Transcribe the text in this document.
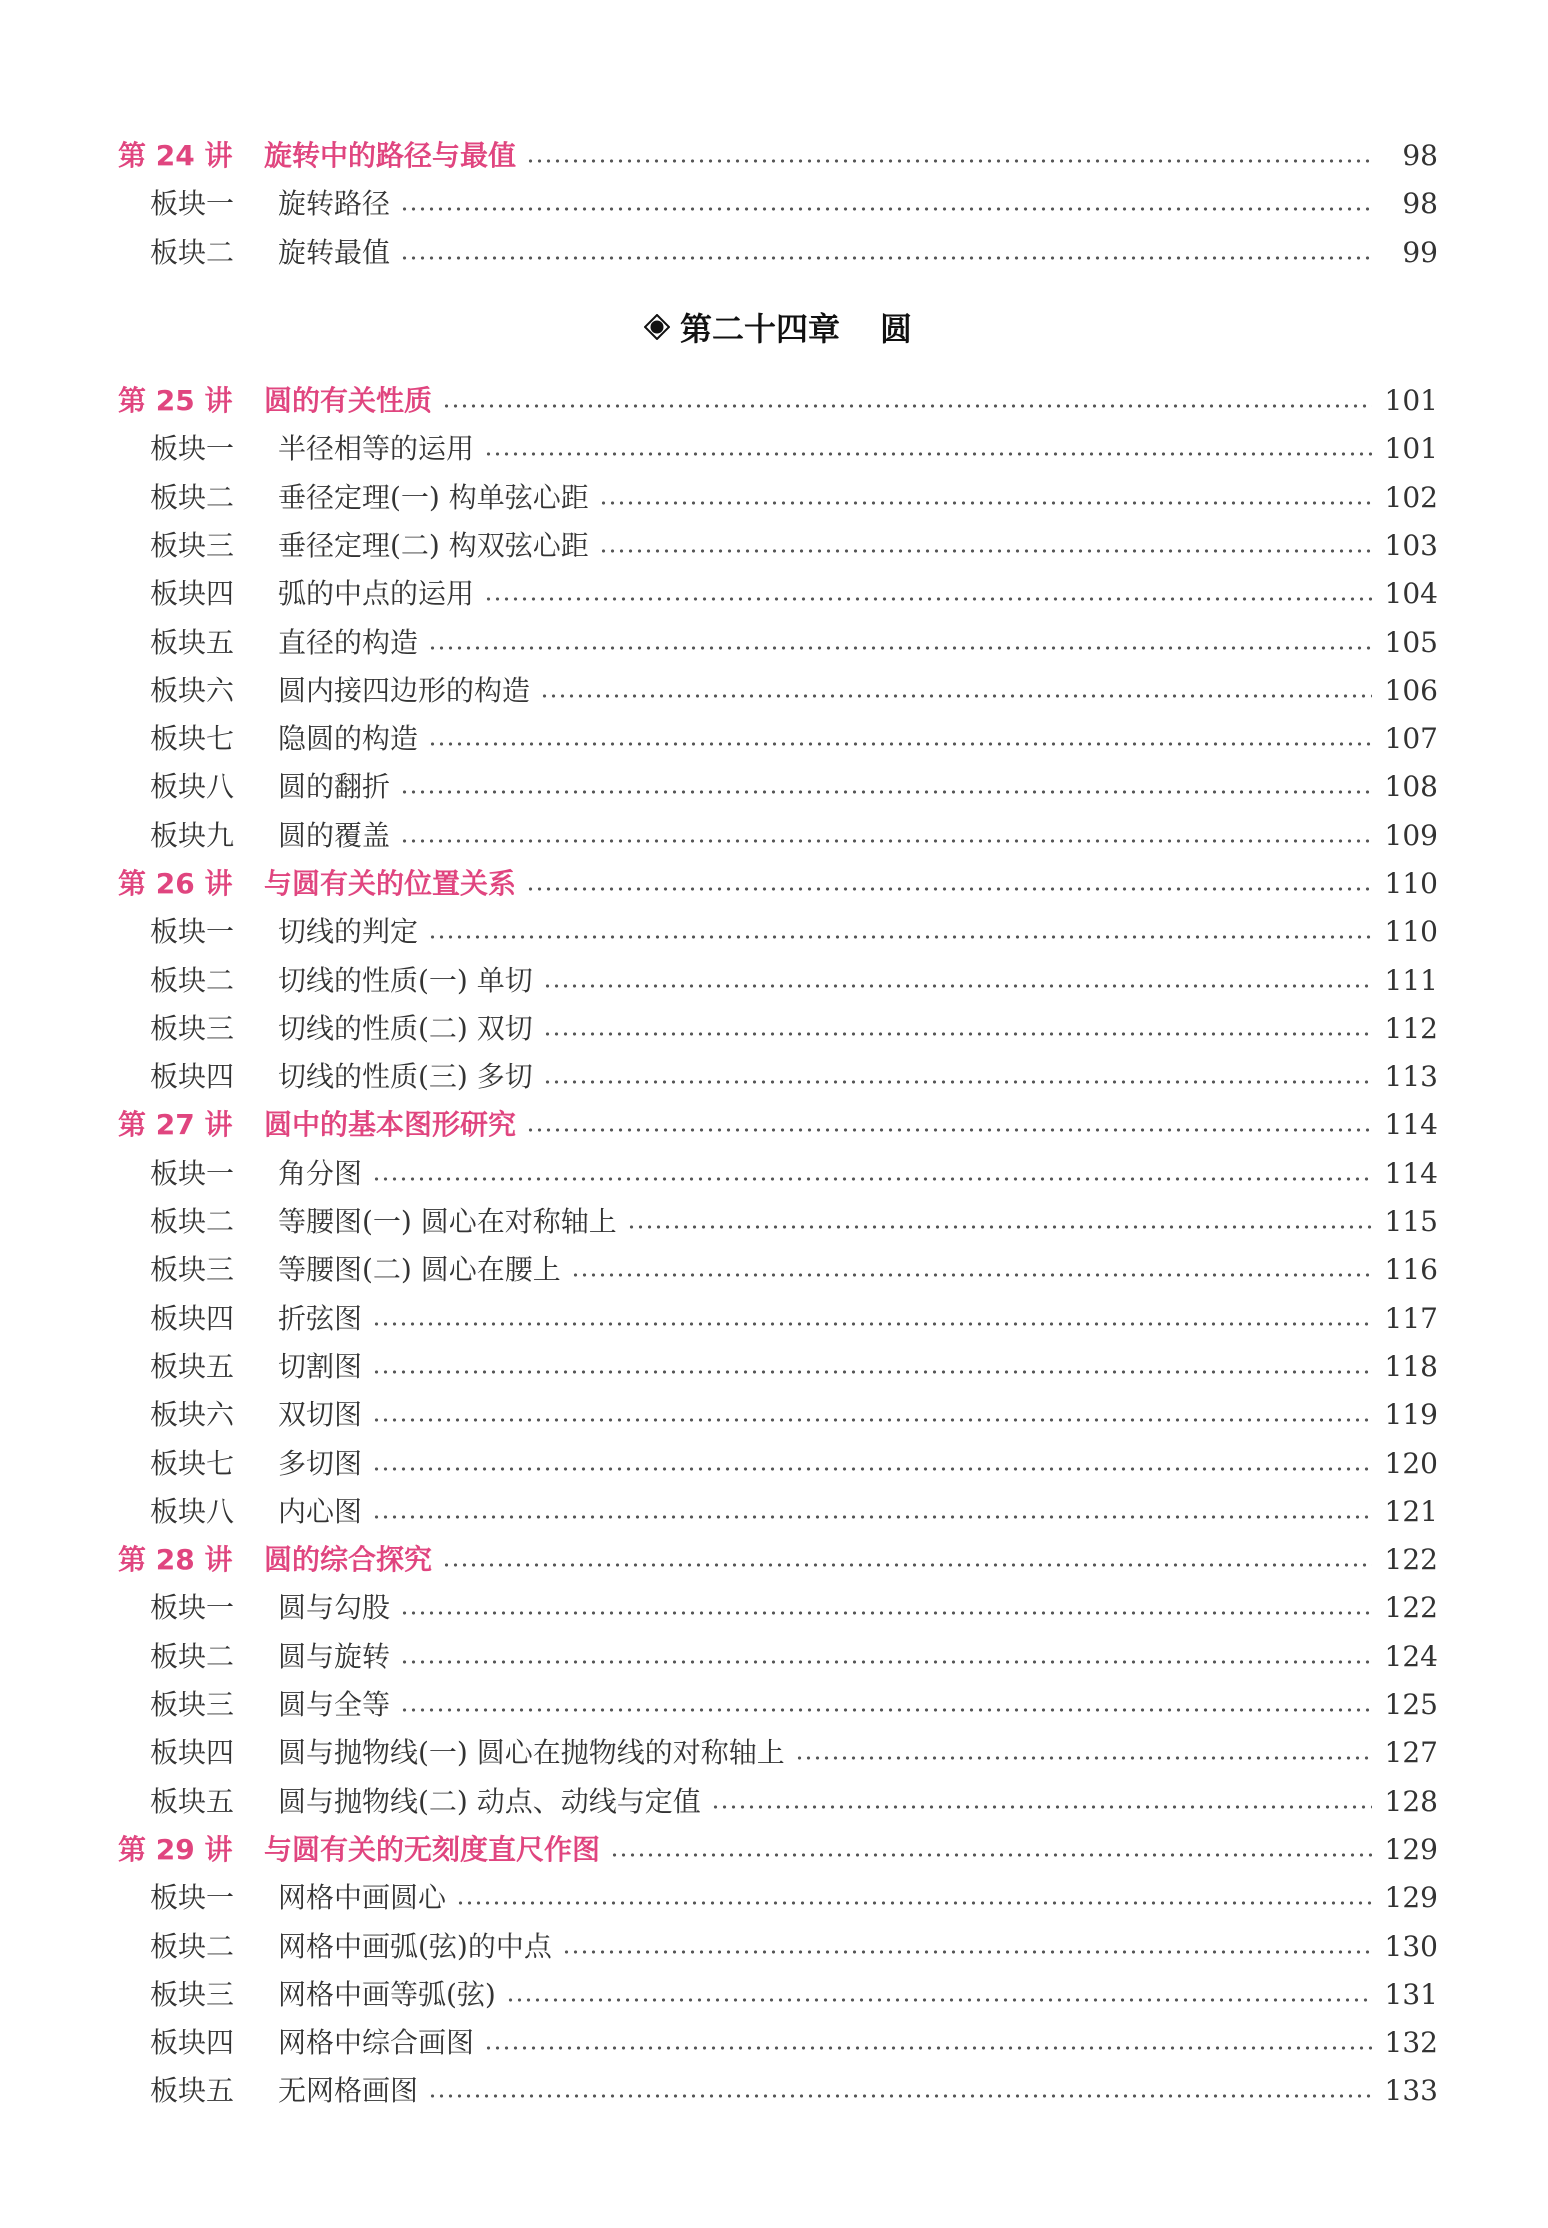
第 24 讲	旋转中的路径与最值	98
板块一	旋转路径	98
板块二	旋转最值	99
第二十四章 圆
第 25 讲	圆的有关性质	101
板块一	半径相等的运用	101
板块二	垂径定理(一) 构单弦心距	102
板块三	垂径定理(二) 构双弦心距	103
板块四	弧的中点的运用	104
板块五	直径的构造	105
板块六	圆内接四边形的构造	106
板块七	隐圆的构造	107
板块八	圆的翻折	108
板块九	圆的覆盖	109
第 26 讲	与圆有关的位置关系	110
板块一	切线的判定	110
板块二	切线的性质(一) 单切	111
板块三	切线的性质(二) 双切	112
板块四	切线的性质(三) 多切	113
第 27 讲	圆中的基本图形研究	114
板块一	角分图	114
板块二	等腰图(一) 圆心在对称轴上	115
板块三	等腰图(二) 圆心在腰上	116
板块四	折弦图	117
板块五	切割图	118
板块六	双切图	119
板块七	多切图	120
板块八	内心图	121
第 28 讲	圆的综合探究	122
板块一	圆与勾股	122
板块二	圆与旋转	124
板块三	圆与全等	125
板块四	圆与抛物线(一) 圆心在抛物线的对称轴上	127
板块五	圆与抛物线(二) 动点、动线与定值	128
第 29 讲	与圆有关的无刻度直尺作图	129
板块一	网格中画圆心	129
板块二	网格中画弧(弦)的中点	130
板块三	网格中画等弧(弦)	131
板块四	网格中综合画图	132
板块五	无网格画图	133
